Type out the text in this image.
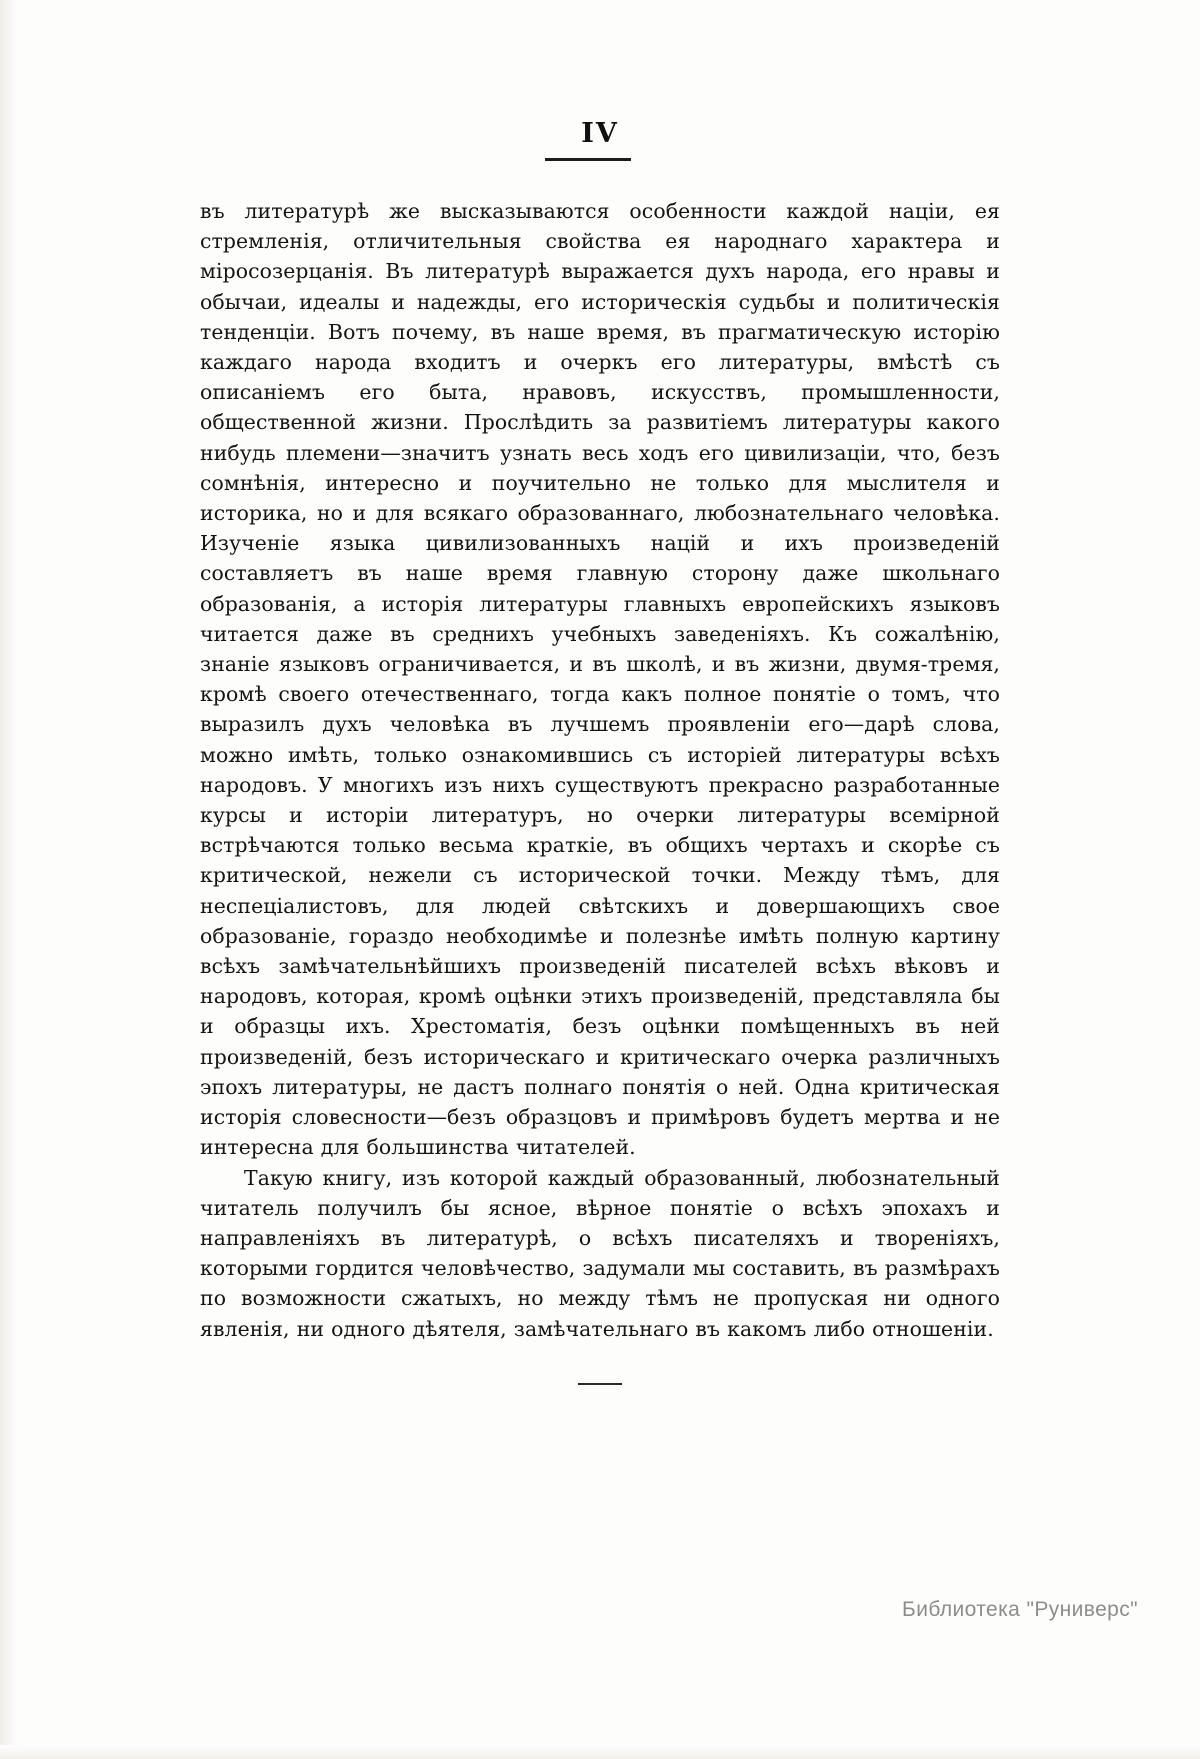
IV

въ литературѣ же высказываются особенности каждой націи, ея стремленія, отличительныя свойства ея народнаго характера и міросозерцанія. Въ литературѣ выражается духъ народа, его нравы и обычаи, идеалы и надежды, его историческія судьбы и политическія тенденціи. Вотъ почему, въ наше время, въ прагматическую исторію каждаго народа входитъ и очеркъ его литературы, вмѣстѣ съ описаніемъ его быта, нравовъ, искусствъ, промышленности, общественной жизни. Прослѣдить за развитіемъ литературы какого нибудь племени—значитъ узнать весь ходъ его цивилизаціи, что, безъ сомнѣнія, интересно и поучительно не только для мыслителя и историка, но и для всякаго образованнаго, любознательнаго человѣка. Изученіе языка цивилизованныхъ націй и ихъ произведеній составляетъ въ наше время главную сторону даже школьнаго образованія, а исторія литературы главныхъ европейскихъ языковъ читается даже въ среднихъ учебныхъ заведеніяхъ. Къ сожалѣнію, знаніе языковъ ограничивается, и въ школѣ, и въ жизни, двумя-тремя, кромѣ своего отечественнаго, тогда какъ полное понятіе о томъ, что выразилъ духъ человѣка въ лучшемъ проявленіи его—дарѣ слова, можно имѣть, только ознакомившись съ исторіей литературы всѣхъ народовъ. У многихъ изъ нихъ существуютъ прекрасно разработанные курсы и исторіи литературъ, но очерки литературы всемірной встрѣчаются только весьма краткіе, въ общихъ чертахъ и скорѣе съ критической, нежели съ исторической точки. Между тѣмъ, для неспеціалистовъ, для людей свѣтскихъ и довершающихъ свое образованіе, гораздо необходимѣе и полезнѣе имѣть полную картину всѣхъ замѣчательнѣйшихъ произведеній писателей всѣхъ вѣковъ и народовъ, которая, кромѣ оцѣнки этихъ произведеній, представляла бы и образцы ихъ. Хрестоматія, безъ оцѣнки помѣщенныхъ въ ней произведеній, безъ историческаго и критическаго очерка различныхъ эпохъ литературы, не дастъ полнаго понятія о ней. Одна критическая исторія словесности—безъ образцовъ и примѣровъ будетъ мертва и не интересна для большинства читателей.

Такую книгу, изъ которой каждый образованный, любознательный читатель получилъ бы ясное, вѣрное понятіе о всѣхъ эпохахъ и направленіяхъ въ литературѣ, о всѣхъ писателяхъ и твореніяхъ, которыми гордится человѣчество, задумали мы составить, въ размѣрахъ по возможности сжатыхъ, но между тѣмъ не пропуская ни одного явленія, ни одного дѣятеля, замѣчательнаго въ какомъ либо отношеніи.

Библиотека "Руниверс"
